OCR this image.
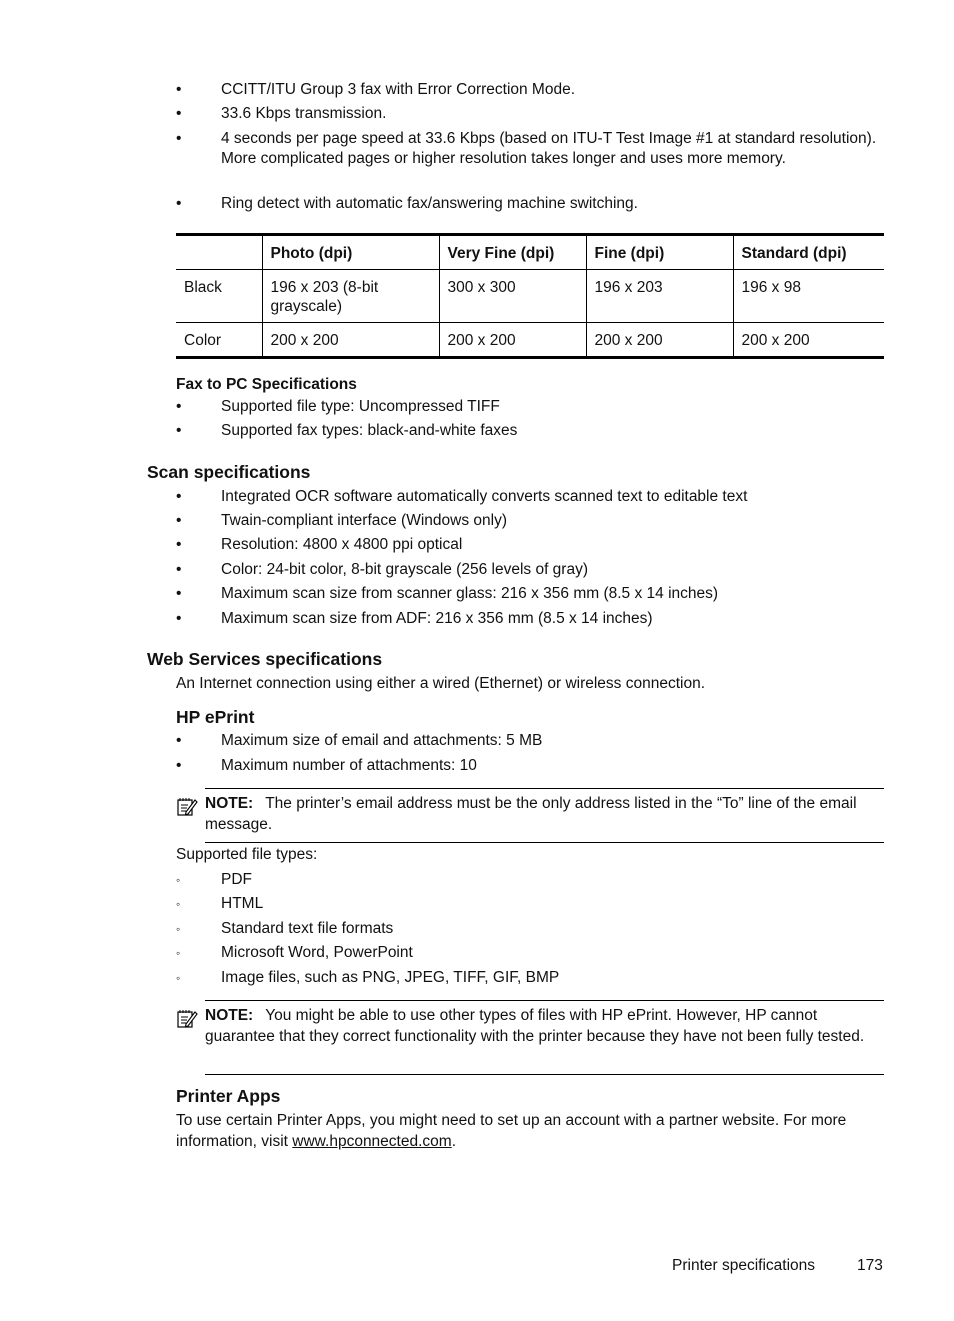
•	CCITT/ITU Group 3 fax with Error Correction Mode.
•	33.6 Kbps transmission.
•	4 seconds per page speed at 33.6 Kbps (based on ITU-T Test Image #1 at standard resolution). More complicated pages or higher resolution takes longer and uses more memory.
•	Ring detect with automatic fax/answering machine switching.
	Photo (dpi)	Very Fine (dpi)	Fine (dpi)	Standard (dpi)
Black	196 x 203 (8-bit grayscale)	300 x 300	196 x 203	196 x 98
Color	200 x 200	200 x 200	200 x 200	200 x 200
Fax to PC Specifications
•	Supported file type: Uncompressed TIFF
•	Supported fax types: black-and-white faxes
Scan specifications
•	Integrated OCR software automatically converts scanned text to editable text
•	Twain-compliant interface (Windows only)
•	Resolution: 4800 x 4800 ppi optical
•	Color: 24-bit color, 8-bit grayscale (256 levels of gray)
•	Maximum scan size from scanner glass: 216 x 356 mm (8.5 x 14 inches)
•	Maximum scan size from ADF: 216 x 356 mm (8.5 x 14 inches)
Web Services specifications
An Internet connection using either a wired (Ethernet) or wireless connection.
HP ePrint
•	Maximum size of email and attachments: 5 MB
•	Maximum number of attachments: 10
NOTE: The printer’s email address must be the only address listed in the “To” line of the email message.
Supported file types:
◦	PDF
◦	HTML
◦	Standard text file formats
◦	Microsoft Word, PowerPoint
◦	Image files, such as PNG, JPEG, TIFF, GIF, BMP
NOTE: You might be able to use other types of files with HP ePrint. However, HP cannot guarantee that they correct functionality with the printer because they have not been fully tested.
Printer Apps
To use certain Printer Apps, you might need to set up an account with a partner website. For more information, visit www.hpconnected.com.
Printer specifications	173
